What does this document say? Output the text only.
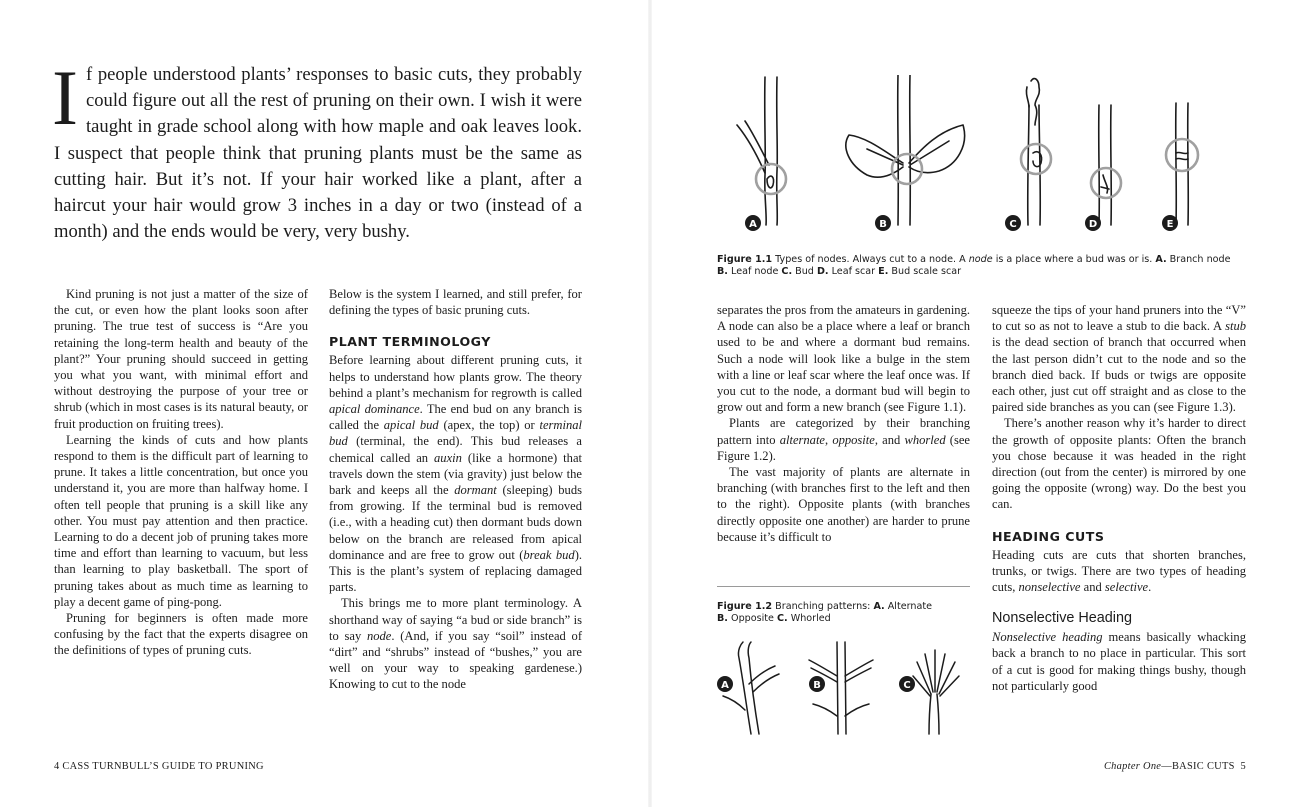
If people understood plants’ responses to basic cuts, they probably could figure out all the rest of pruning on their own. I wish it were taught in grade school along with how maple and oak leaves look. I suspect that people think that pruning plants must be the same as cutting hair. But it’s not. If your hair worked like a plant, after a haircut your hair would grow 3 inches in a day or two (instead of a month) and the ends would be very, very bushy.

Kind pruning is not just a matter of the size of the cut, or even how the plant looks soon after pruning. The true test of success is “Are you retaining the long-term health and beauty of the plant?” Your pruning should succeed in getting you what you want, with minimal effort and without destroying the purpose of your tree or shrub (which in most cases is its natural beauty, or fruit production on fruiting trees).

Learning the kinds of cuts and how plants respond to them is the difficult part of learning to prune. It takes a little concentration, but once you understand it, you are more than halfway home. I often tell people that pruning is a skill like any other. You must pay attention and then practice. Learning to do a decent job of pruning takes more time and effort than learning to vacuum, but less than learning to play basketball. The sport of pruning takes about as much time as learning to play a decent game of ping-pong.

Pruning for beginners is often made more confusing by the fact that the experts disagree on the definitions of types of pruning cuts.

Below is the system I learned, and still prefer, for defining the types of basic pruning cuts.

PLANT TERMINOLOGY

Before learning about different pruning cuts, it helps to understand how plants grow. The theory behind a plant’s mechanism for regrowth is called apical dominance. The end bud on any branch is called the apical bud (apex, the top) or terminal bud (terminal, the end). This bud releases a chemical called an auxin (like a hormone) that travels down the stem (via gravity) just below the bark and keeps all the dormant (sleeping) buds from growing. If the terminal bud is removed (i.e., with a heading cut) then dormant buds down below on the branch are released from apical dominance and are free to grow out (break bud). This is the plant’s system of replacing damaged parts.

This brings me to more plant terminology. A shorthand way of saying “a bud or side branch” is to say node. (And, if you say “soil” instead of “dirt” and “shrubs” instead of “bushes,” you are well on your way to speaking gardenese.) Knowing to cut to the node

4 CASS TURNBULL’S GUIDE TO PRUNING
A	B	C	D	E
Figure 1.1 Types of nodes. Always cut to a node. A node is a place where a bud was or is. A. Branch node
B. Leaf node C. Bud D. Leaf scar E. Bud scale scar

separates the pros from the amateurs in gardening. A node can also be a place where a leaf or branch used to be and where a dormant bud remains. Such a node will look like a bulge in the stem with a line or leaf scar where the leaf once was. If you cut to the node, a dormant bud will begin to grow out and form a new branch (see Figure 1.1).

Plants are categorized by their branching pattern into alternate, opposite, and whorled (see Figure 1.2).

The vast majority of plants are alternate in branching (with branches first to the left and then to the right). Opposite plants (with branches directly opposite one another) are harder to prune because it’s difficult to

Figure 1.2 Branching patterns: A. Alternate
B. Opposite C. Whorled
A	B	C

squeeze the tips of your hand pruners into the “V” to cut so as not to leave a stub to die back. A stub is the dead section of branch that occurred when the last person didn’t cut to the node and so the branch died back. If buds or twigs are opposite each other, just cut off straight and as close to the paired side branches as you can (see Figure 1.3).

There’s another reason why it’s harder to direct the growth of opposite plants: Often the branch you chose because it was headed in the right direction (out from the center) is mirrored by one going the opposite (wrong) way. Do the best you can.

HEADING CUTS

Heading cuts are cuts that shorten branches, trunks, or twigs. There are two types of heading cuts, nonselective and selective.

Nonselective Heading

Nonselective heading means basically whacking back a branch to no place in particular. This sort of a cut is good for making things bushy, though not particularly good

Chapter One—BASIC CUTS 5
